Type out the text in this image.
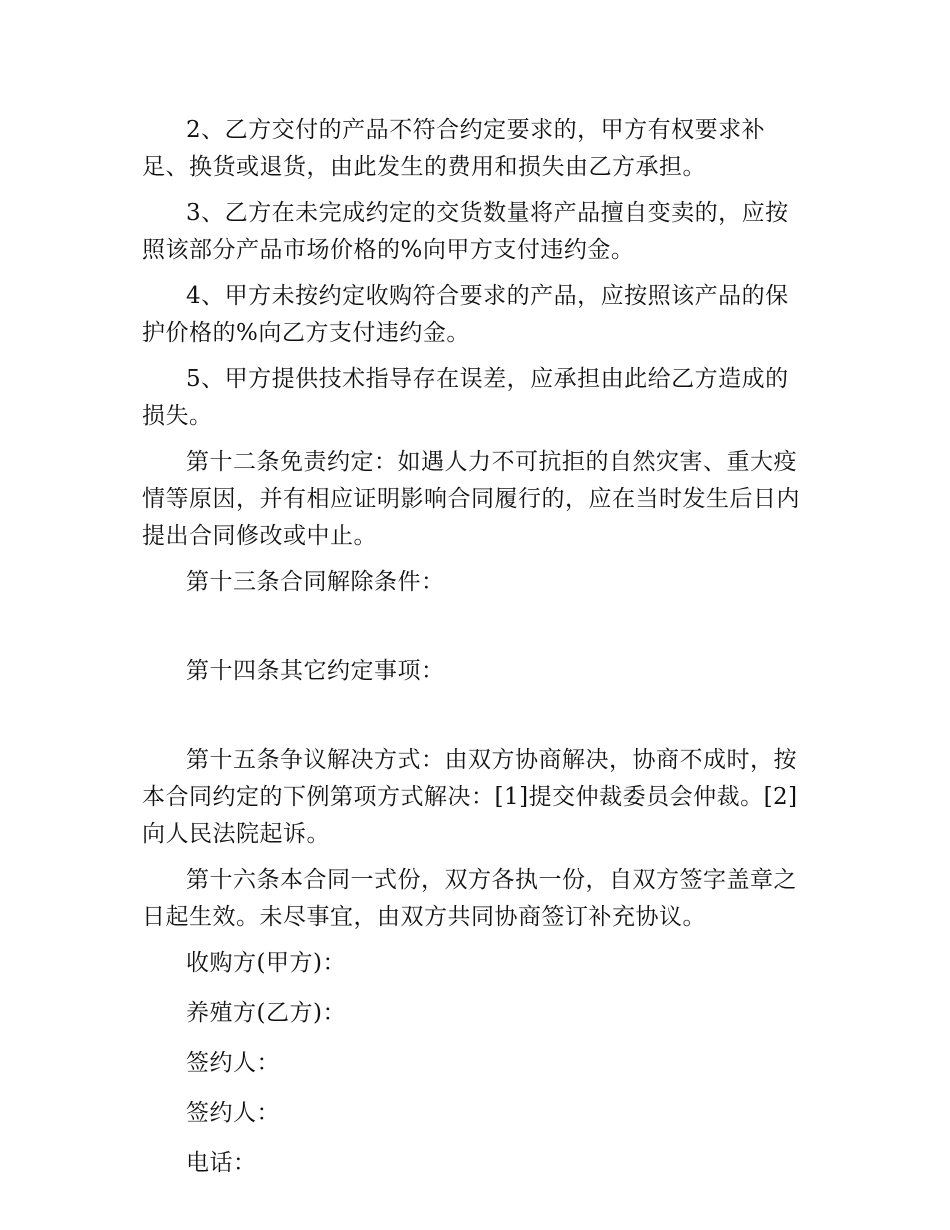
2、乙方交付的产品不符合约定要求的，甲方有权要求补足、换货或退货，由此发生的费用和损失由乙方承担。

3、乙方在未完成约定的交货数量将产品擅自变卖的，应按照该部分产品市场价格的%向甲方支付违约金。

4、甲方未按约定收购符合要求的产品，应按照该产品的保护价格的%向乙方支付违约金。

5、甲方提供技术指导存在误差，应承担由此给乙方造成的损失。

第十二条免责约定：如遇人力不可抗拒的自然灾害、重大疫情等原因，并有相应证明影响合同履行的，应在当时发生后日内提出合同修改或中止。

第十三条合同解除条件：

第十四条其它约定事项：

第十五条争议解决方式：由双方协商解决，协商不成时，按本合同约定的下例第项方式解决：[1]提交仲裁委员会仲裁。[2]向人民法院起诉。

第十六条本合同一式份，双方各执一份，自双方签字盖章之日起生效。未尽事宜，由双方共同协商签订补充协议。

收购方(甲方)：

养殖方(乙方)：

签约人：

签约人：

电话：
